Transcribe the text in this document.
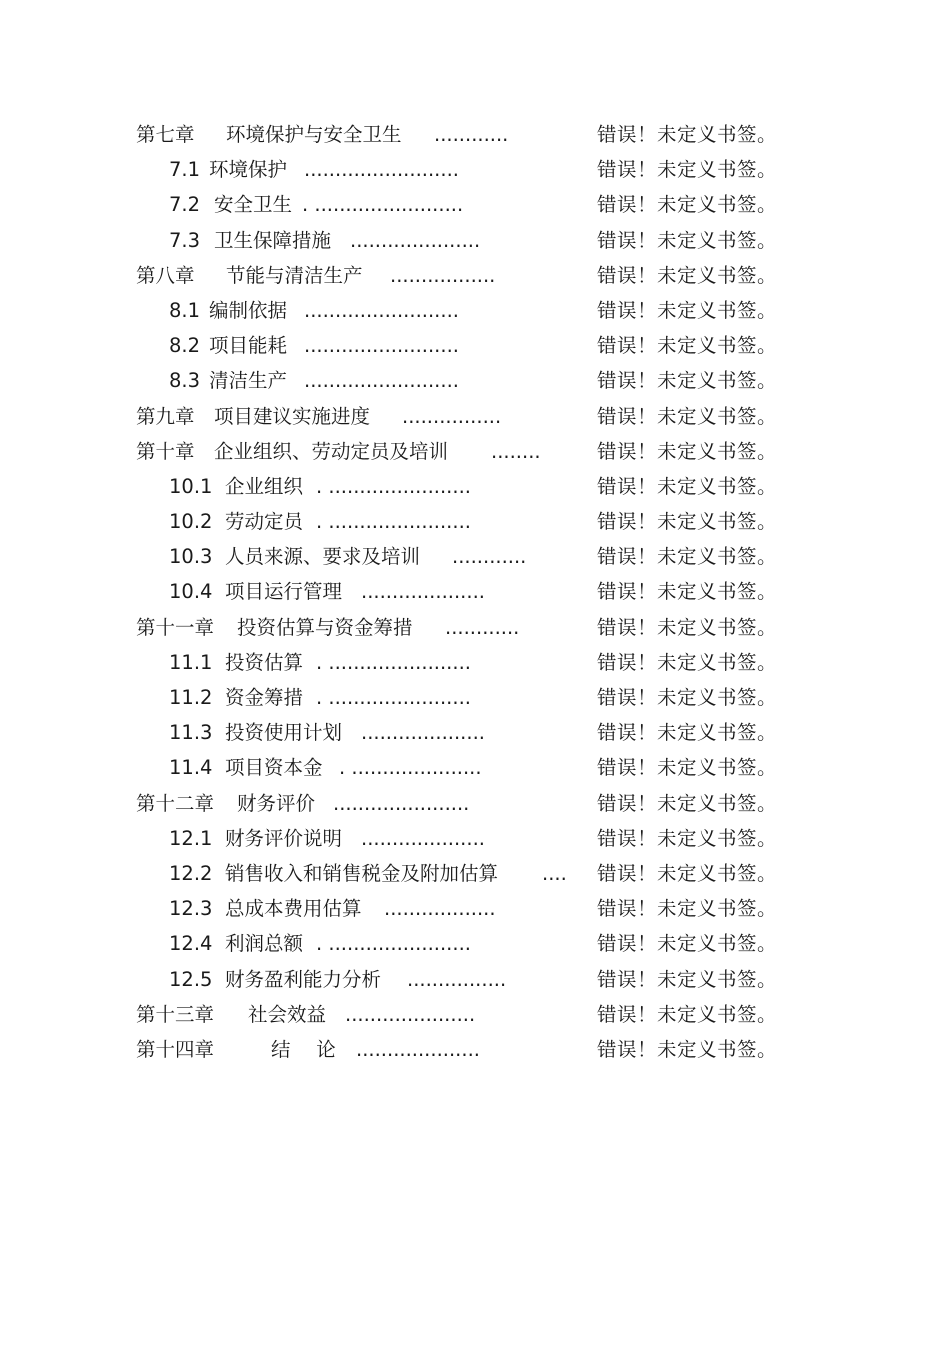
第七章 环境保护与安全卫生 ............	错误！未定义书签。
7.1 环境保护 .........................	错误！未定义书签。
7.2 安全卫生 . ........................	错误！未定义书签。
7.3 卫生保障措施 .....................	错误！未定义书签。
第八章 节能与清洁生产 .................	错误！未定义书签。
8.1 编制依据 .........................	错误！未定义书签。
8.2 项目能耗 .........................	错误！未定义书签。
8.3 清洁生产 .........................	错误！未定义书签。
第九章 项目建议实施进度 ................	错误！未定义书签。
第十章 企业组织、劳动定员及培训 ........	错误！未定义书签。
10.1 企业组织 . .......................	错误！未定义书签。
10.2 劳动定员 . .......................	错误！未定义书签。
10.3 人员来源、要求及培训 ............	错误！未定义书签。
10.4 项目运行管理 ....................	错误！未定义书签。
第十一章 投资估算与资金筹措 ............	错误！未定义书签。
11.1 投资估算 . .......................	错误！未定义书签。
11.2 资金筹措 . .......................	错误！未定义书签。
11.3 投资使用计划 ....................	错误！未定义书签。
11.4 项目资本金 . .....................	错误！未定义书签。
第十二章 财务评价 ......................	错误！未定义书签。
12.1 财务评价说明 ....................	错误！未定义书签。
12.2 销售收入和销售税金及附加估算 .... 错误！未定义书签。
12.3 总成本费用估算 ..................	错误！未定义书签。
12.4 利润总额 . .......................	错误！未定义书签。
12.5 财务盈利能力分析 ................	错误！未定义书签。
第十三章 社会效益 .....................	错误！未定义书签。
第十四章	结　 论 ....................	错误！未定义书签。
